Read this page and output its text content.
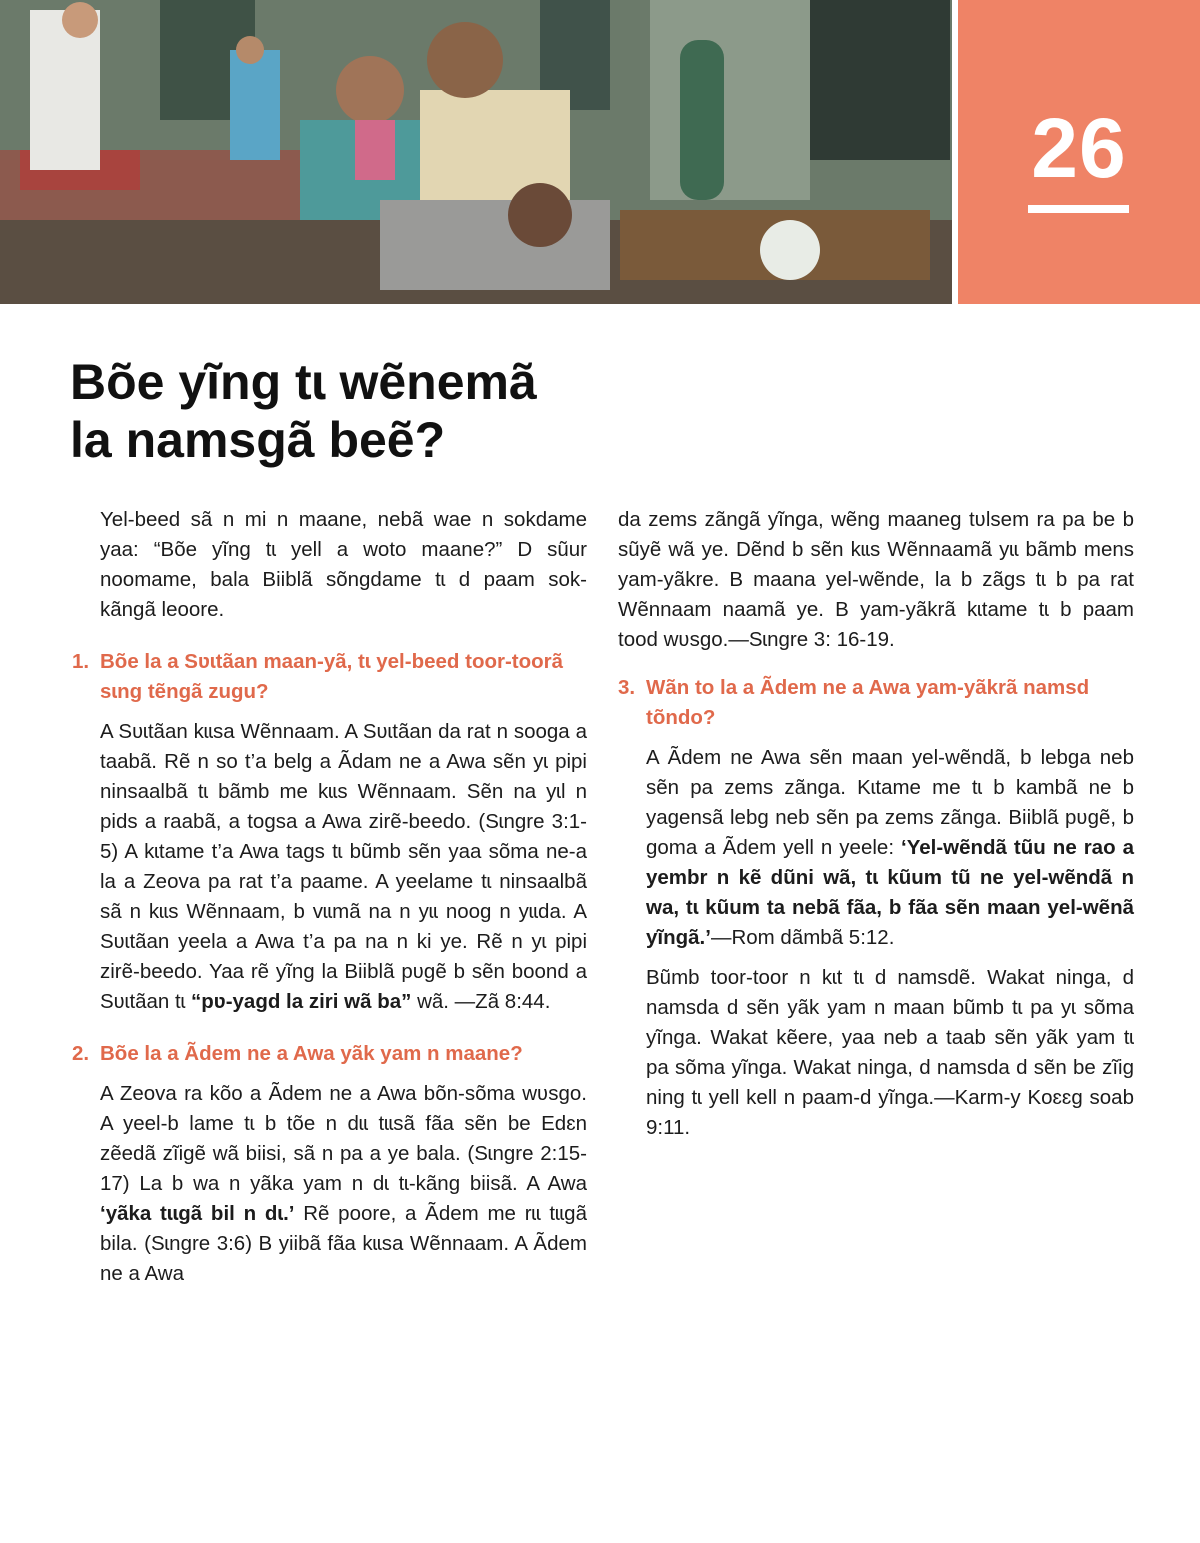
26
Bõe yĩng tɩ wẽnemã
la namsgã beẽ?

Yel-beed sã n mi n maane, nebã wae n sokdame yaa: “Bõe yĩng tɩ yell a woto maane?” D sũur noomame, bala Biiblã sõngdame tɩ d paam sok-kãngã leoore.

1. Bõe la a Sʋɩtãan maan-yã, tɩ yel-beed toor-toorã sɩng tẽngã zugu?

A Sʋɩtãan kɩɩsa Wẽnnaam. A Sʋɩtãan da rat n sooga a taabã. Rẽ n so t’a belg a Ãdam ne a Awa sẽn yɩ pipi ninsaalbã tɩ bãmb me kɩɩs Wẽnnaam. Sẽn na yɩl n pids a raabã, a togsa a Awa zirẽ-beedo. (Sɩngre 3:1-5) A kɩtame t’a Awa tags tɩ bũmb sẽn yaa sõma ne-a la a Zeova pa rat t’a paame. A yeelame tɩ ninsaalbã sã n kɩɩs Wẽnnaam, b vɩɩmã na n yɩɩ noog n yɩɩda. A Sʋɩtãan yeela a Awa t’a pa na n ki ye. Rẽ n yɩ pipi zirẽ-beedo. Yaa rẽ yĩng la Biiblã pʋgẽ b sẽn boond a Sʋɩtãan tɩ “pʋ-yagd la ziri wã ba” wã. —Zã 8:44.

2. Bõe la a Ãdem ne a Awa yãk yam n maane?

A Zeova ra kõo a Ãdem ne a Awa bõn-sõma wʋsgo. A yeel-b lame tɩ b tõe n dɩɩ tɩɩsã fãa sẽn be Edɛn zẽedã zĩigẽ wã biisi, sã n pa a ye bala. (Sɩngre 2:15-17) La b wa n yãka yam n dɩ tɩ-kãng biisã. A Awa ‘yãka tɩɩgã bil n dɩ.’ Rẽ poore, a Ãdem me rɩɩ tɩɩgã bila. (Sɩngre 3:6) B yiibã fãa kɩɩsa Wẽnnaam. A Ãdem ne a Awa

da zems zãngã yĩnga, wẽng maaneg tʋlsem ra pa be b sũyẽ wã ye. Dẽnd b sẽn kɩɩs Wẽnnaamã yɩɩ bãmb mens yam-yãkre. B maana yel-wẽnde, la b zãgs tɩ b pa rat Wẽnnaam naamã ye. B yam-yãkrã kɩtame tɩ b paam tood wʋsgo.—Sɩngre 3: 16-19.

3. Wãn to la a Ãdem ne a Awa yam-yãkrã namsd tõndo?

A Ãdem ne Awa sẽn maan yel-wẽndã, b lebga neb sẽn pa zems zãnga. Kɩtame me tɩ b kambã ne b yagensã lebg neb sẽn pa zems zãnga. Biiblã pʋgẽ, b goma a Ãdem yell n yeele: ‘Yel-wẽndã tũu ne rao a yembr n kẽ dũni wã, tɩ kũum tũ ne yel-wẽndã n wa, tɩ kũum ta nebã fãa, b fãa sẽn maan yel-wẽnã yĩngã.’—Rom dãmbã 5:12.

Bũmb toor-toor n kɩt tɩ d namsdẽ. Wakat ninga, d namsda d sẽn yãk yam n maan bũmb tɩ pa yɩ sõma yĩnga. Wakat kẽere, yaa neb a taab sẽn yãk yam tɩ pa sõma yĩnga. Wakat ninga, d namsda d sẽn be zĩig ning tɩ yell kell n paam-d yĩnga.—Karm-y Koɛɛg soab 9:11.
